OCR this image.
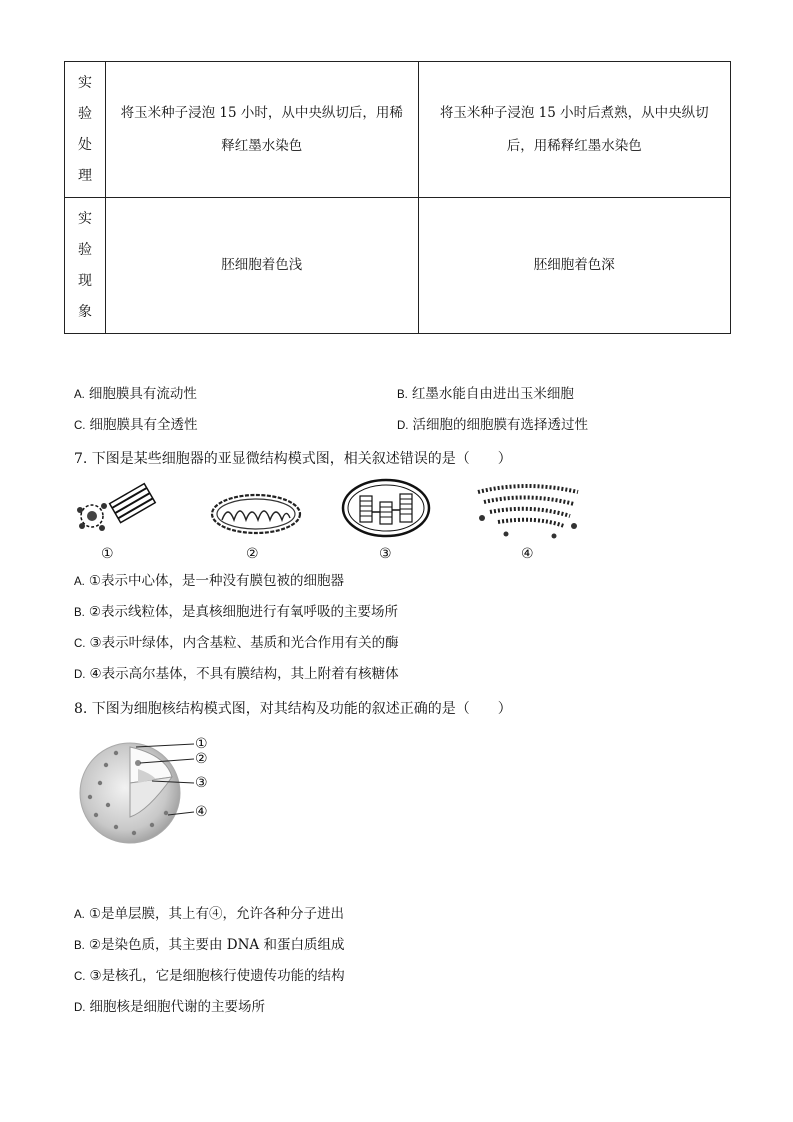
实
验
处
理	将玉米种子浸泡 15 小时，从中央纵切后，用稀释红墨水染色	将玉米种子浸泡 15 小时后煮熟，从中央纵切后，用稀释红墨水染色

实
验
现
象	胚细胞着色浅	胚细胞着色深
A. 细胞膜具有流动性	B. 红墨水能自由进出玉米细胞
C. 细胞膜具有全透性	D. 活细胞的细胞膜有选择透过性
7. 下图是某些细胞器的亚显微结构模式图，相关叙述错误的是（　　）
①	②	③	④
A. ①表示中心体，是一种没有膜包被的细胞器
B. ②表示线粒体，是真核细胞进行有氧呼吸的主要场所
C. ③表示叶绿体，内含基粒、基质和光合作用有关的酶
D. ④表示高尔基体，不具有膜结构，其上附着有核糖体
8. 下图为细胞核结构模式图，对其结构及功能的叙述正确的是（　　）
①
②
③
④
A. ①是单层膜，其上有④，允许各种分子进出
B. ②是染色质，其主要由 DNA 和蛋白质组成
C. ③是核孔，它是细胞核行使遗传功能的结构
D. 细胞核是细胞代谢的主要场所
